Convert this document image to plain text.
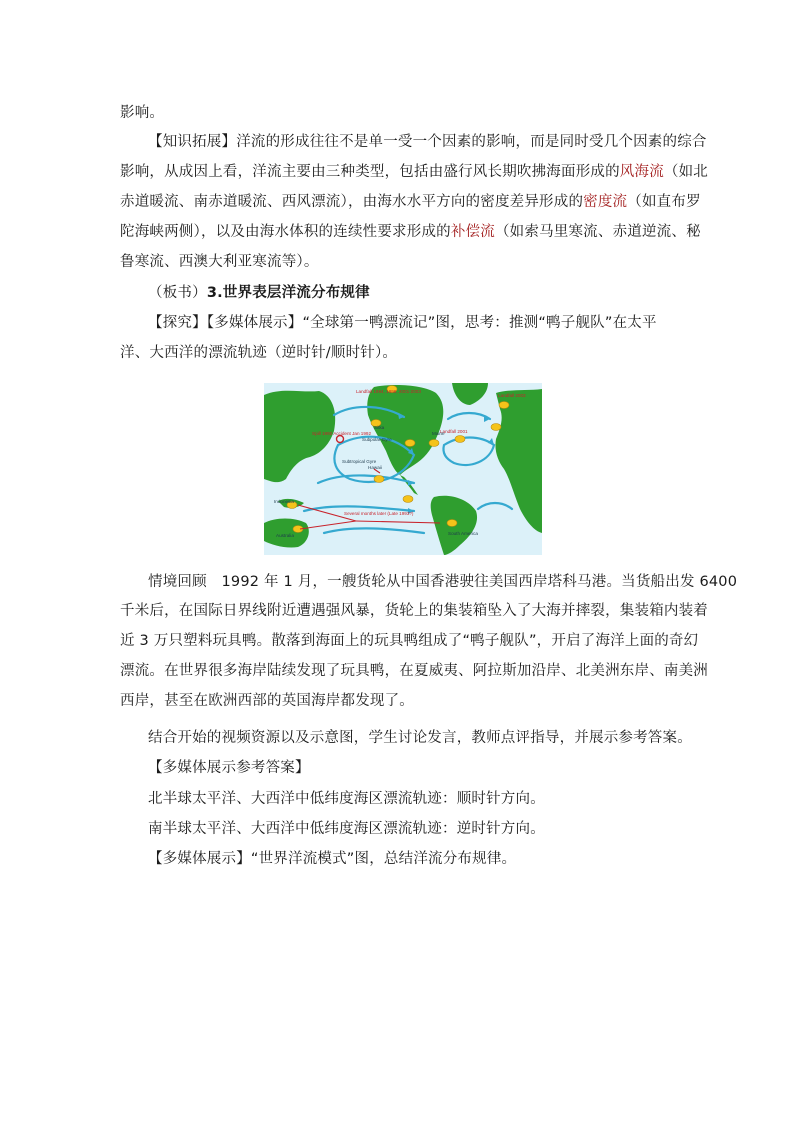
影响。
【知识拓展】洋流的形成往往不是单一受一个因素的影响，而是同时受几个因素的综合
影响，从成因上看，洋流主要由三种类型，包括由盛行风长期吹拂海面形成的风海流（如北
赤道暖流、南赤道暖流、西风漂流），由海水水平方向的密度差异形成的密度流（如直布罗
陀海峡两侧），以及由海水体积的连续性要求形成的补偿流（如索马里寒流、赤道逆流、秘
鲁寒流、西澳大利亚寒流等）。
（板书）3.世界表层洋流分布规律
【探究】【多媒体展示】“全球第一鸭漂流记”图，思考：推测“鸭子舰队”在太平
洋、大西洋的漂流轨迹（逆时针/顺时针）。
Landfall 1994, 1996, 2001-2003
Landfall 2003
Landfall 2001
Spill 1992 Accident Jan 1992
Several months later (Late 1993?)
Sitka
Subpolar Gyre
Maine
Subtropical Gyre
Hawaii
Indonesia
Australia	South America
情境回顾　1992 年 1 月，一艘货轮从中国香港驶往美国西岸塔科马港。当货船出发 6400
千米后，在国际日界线附近遭遇强风暴，货轮上的集装箱坠入了大海并摔裂，集装箱内装着
近 3 万只塑料玩具鸭。散落到海面上的玩具鸭组成了“鸭子舰队”，开启了海洋上面的奇幻
漂流。在世界很多海岸陆续发现了玩具鸭，在夏威夷、阿拉斯加沿岸、北美洲东岸、南美洲
西岸，甚至在欧洲西部的英国海岸都发现了。
结合开始的视频资源以及示意图，学生讨论发言，教师点评指导，并展示参考答案。
【多媒体展示参考答案】
北半球太平洋、大西洋中低纬度海区漂流轨迹：顺时针方向。
南半球太平洋、大西洋中低纬度海区漂流轨迹：逆时针方向。
【多媒体展示】“世界洋流模式”图，总结洋流分布规律。
